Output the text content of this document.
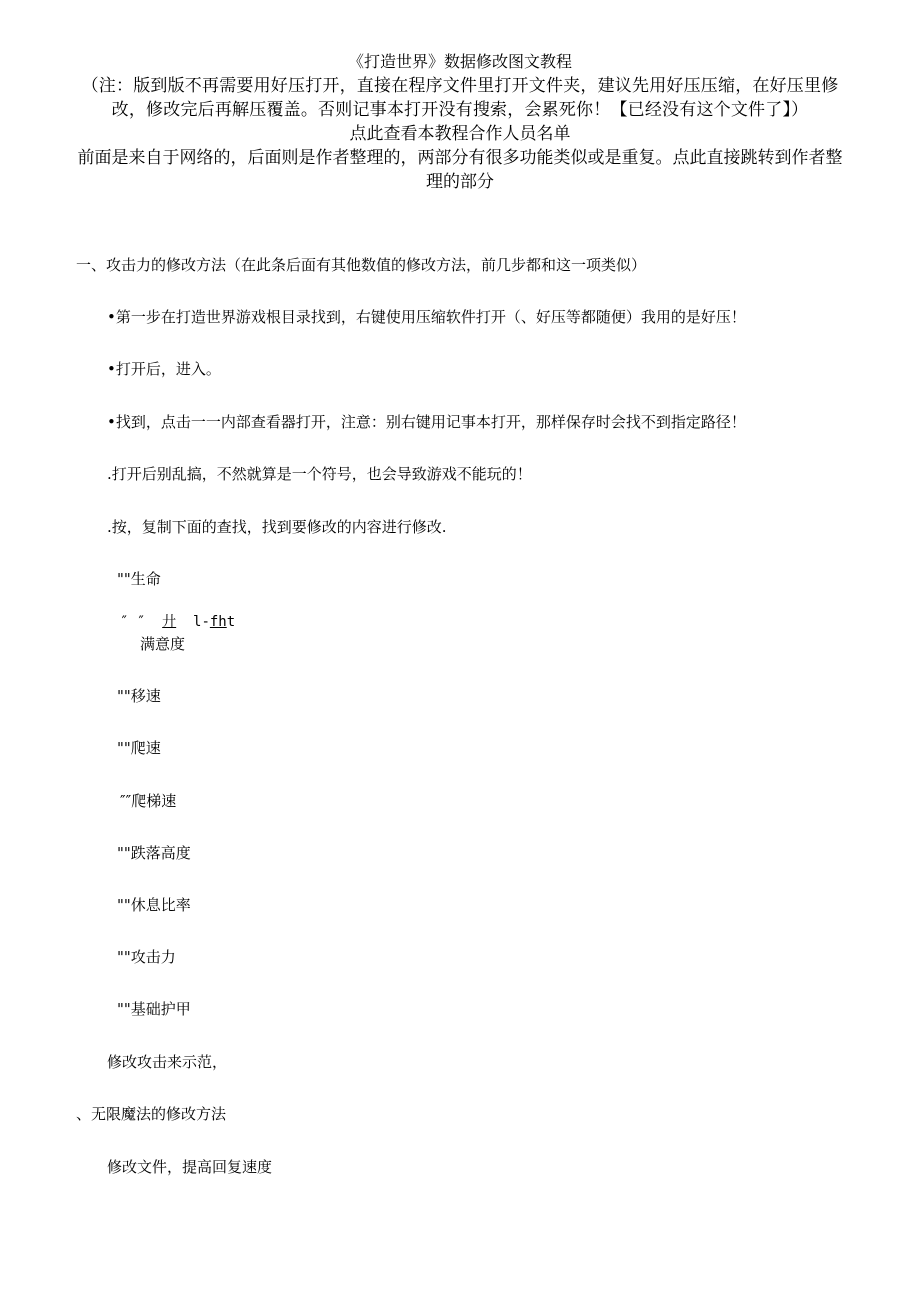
《打造世界》数据修改图文教程
（注：版到版不再需要用好压打开，直接在程序文件里打开文件夹，建议先用好压压缩，在好压里修改，修改完后再解压覆盖。否则记事本打开没有搜索，会累死你！【已经没有这个文件了】）
点此查看本教程合作人员名单
前面是来自于网络的，后面则是作者整理的，两部分有很多功能类似或是重复。点此直接跳转到作者整理的部分
一、攻击力的修改方法（在此条后面有其他数值的修改方法，前几步都和这一项类似）
•第一步在打造世界游戏根目录找到，右键使用压缩软件打开（、好压等都随便）我用的是好压！
•打开后，进入。
•找到，点击一一内部查看器打开，注意：别右键用记事本打开，那样保存时会找不到指定路径！
.打开后别乱搞，不然就算是一个符号，也会导致游戏不能玩的！
.按，复制下面的查找，找到要修改的内容进行修改.
""生命
″ ″ 廾 l-fht
满意度
""移速
""爬速
″″爬梯速
""跌落高度
""休息比率
""攻击力
""基础护甲
修改攻击来示范，
、无限魔法的修改方法
修改文件，提高回复速度
